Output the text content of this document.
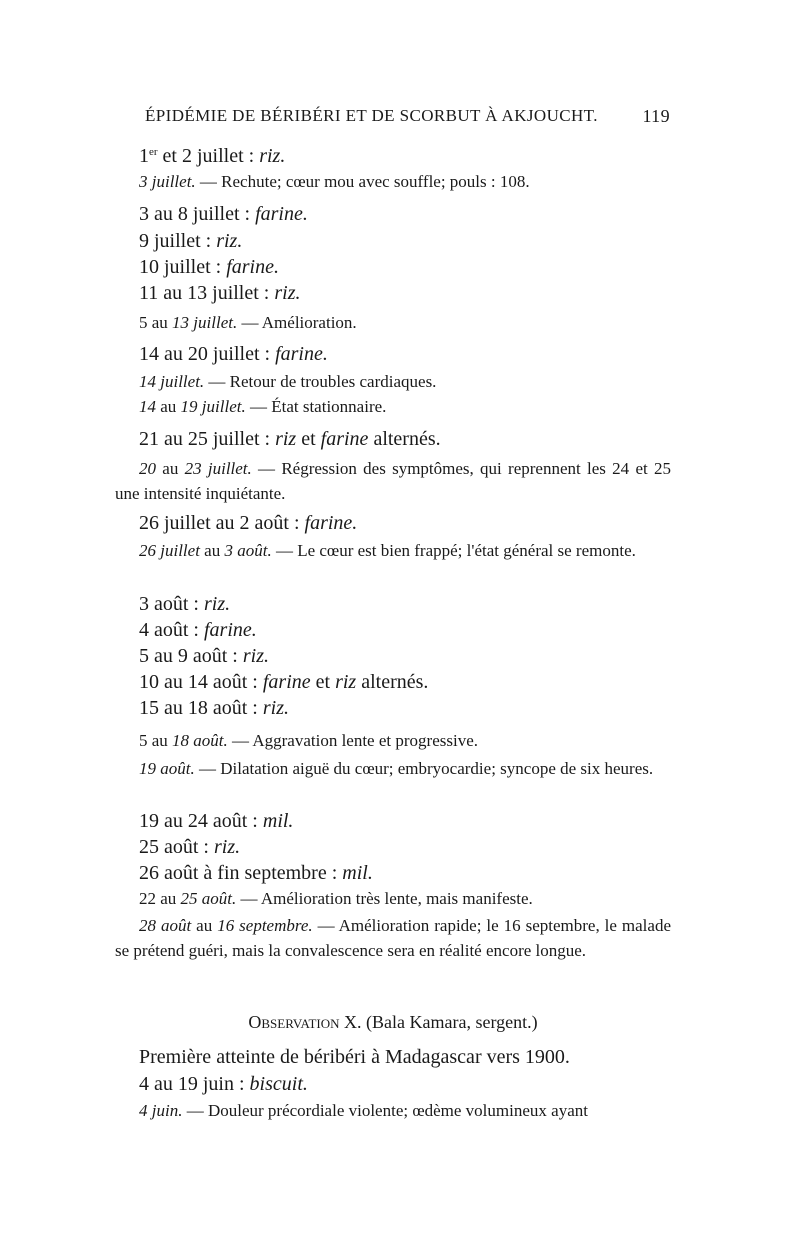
ÉPIDÉMIE DE BÉRIBÉRI ET DE SCORBUT À AKJOUCHT. 119
1er et 2 juillet : riz.
3 juillet. — Rechute; cœur mou avec souffle; pouls : 108.
3 au 8 juillet : farine.
9 juillet : riz.
10 juillet : farine.
11 au 13 juillet : riz.
5 au 13 juillet. — Amélioration.
14 au 20 juillet : farine.
14 juillet. — Retour de troubles cardiaques.
14 au 19 juillet. — État stationnaire.
21 au 25 juillet : riz et farine alternés.
20 au 23 juillet. — Régression des symptômes, qui reprennent les 24 et 25 une intensité inquiétante.
26 juillet au 2 août : farine.
26 juillet au 3 août. — Le cœur est bien frappé; l'état général se remonte.
3 août : riz.
4 août : farine.
5 au 9 août : riz.
10 au 14 août : farine et riz alternés.
15 au 18 août : riz.
5 au 18 août. — Aggravation lente et progressive.
19 août. — Dilatation aiguë du cœur; embryocardie; syncope de six heures.
19 au 24 août : mil.
25 août : riz.
26 août à fin septembre : mil.
22 au 25 août. — Amélioration très lente, mais manifeste.
28 août au 16 septembre. — Amélioration rapide; le 16 septembre, le malade se prétend guéri, mais la convalescence sera en réalité encore longue.
Observation X. (Bala Kamara, sergent.)
Première atteinte de béribéri à Madagascar vers 1900.
4 au 19 juin : biscuit.
4 juin. — Douleur précordiale violente; œdème volumineux ayant
